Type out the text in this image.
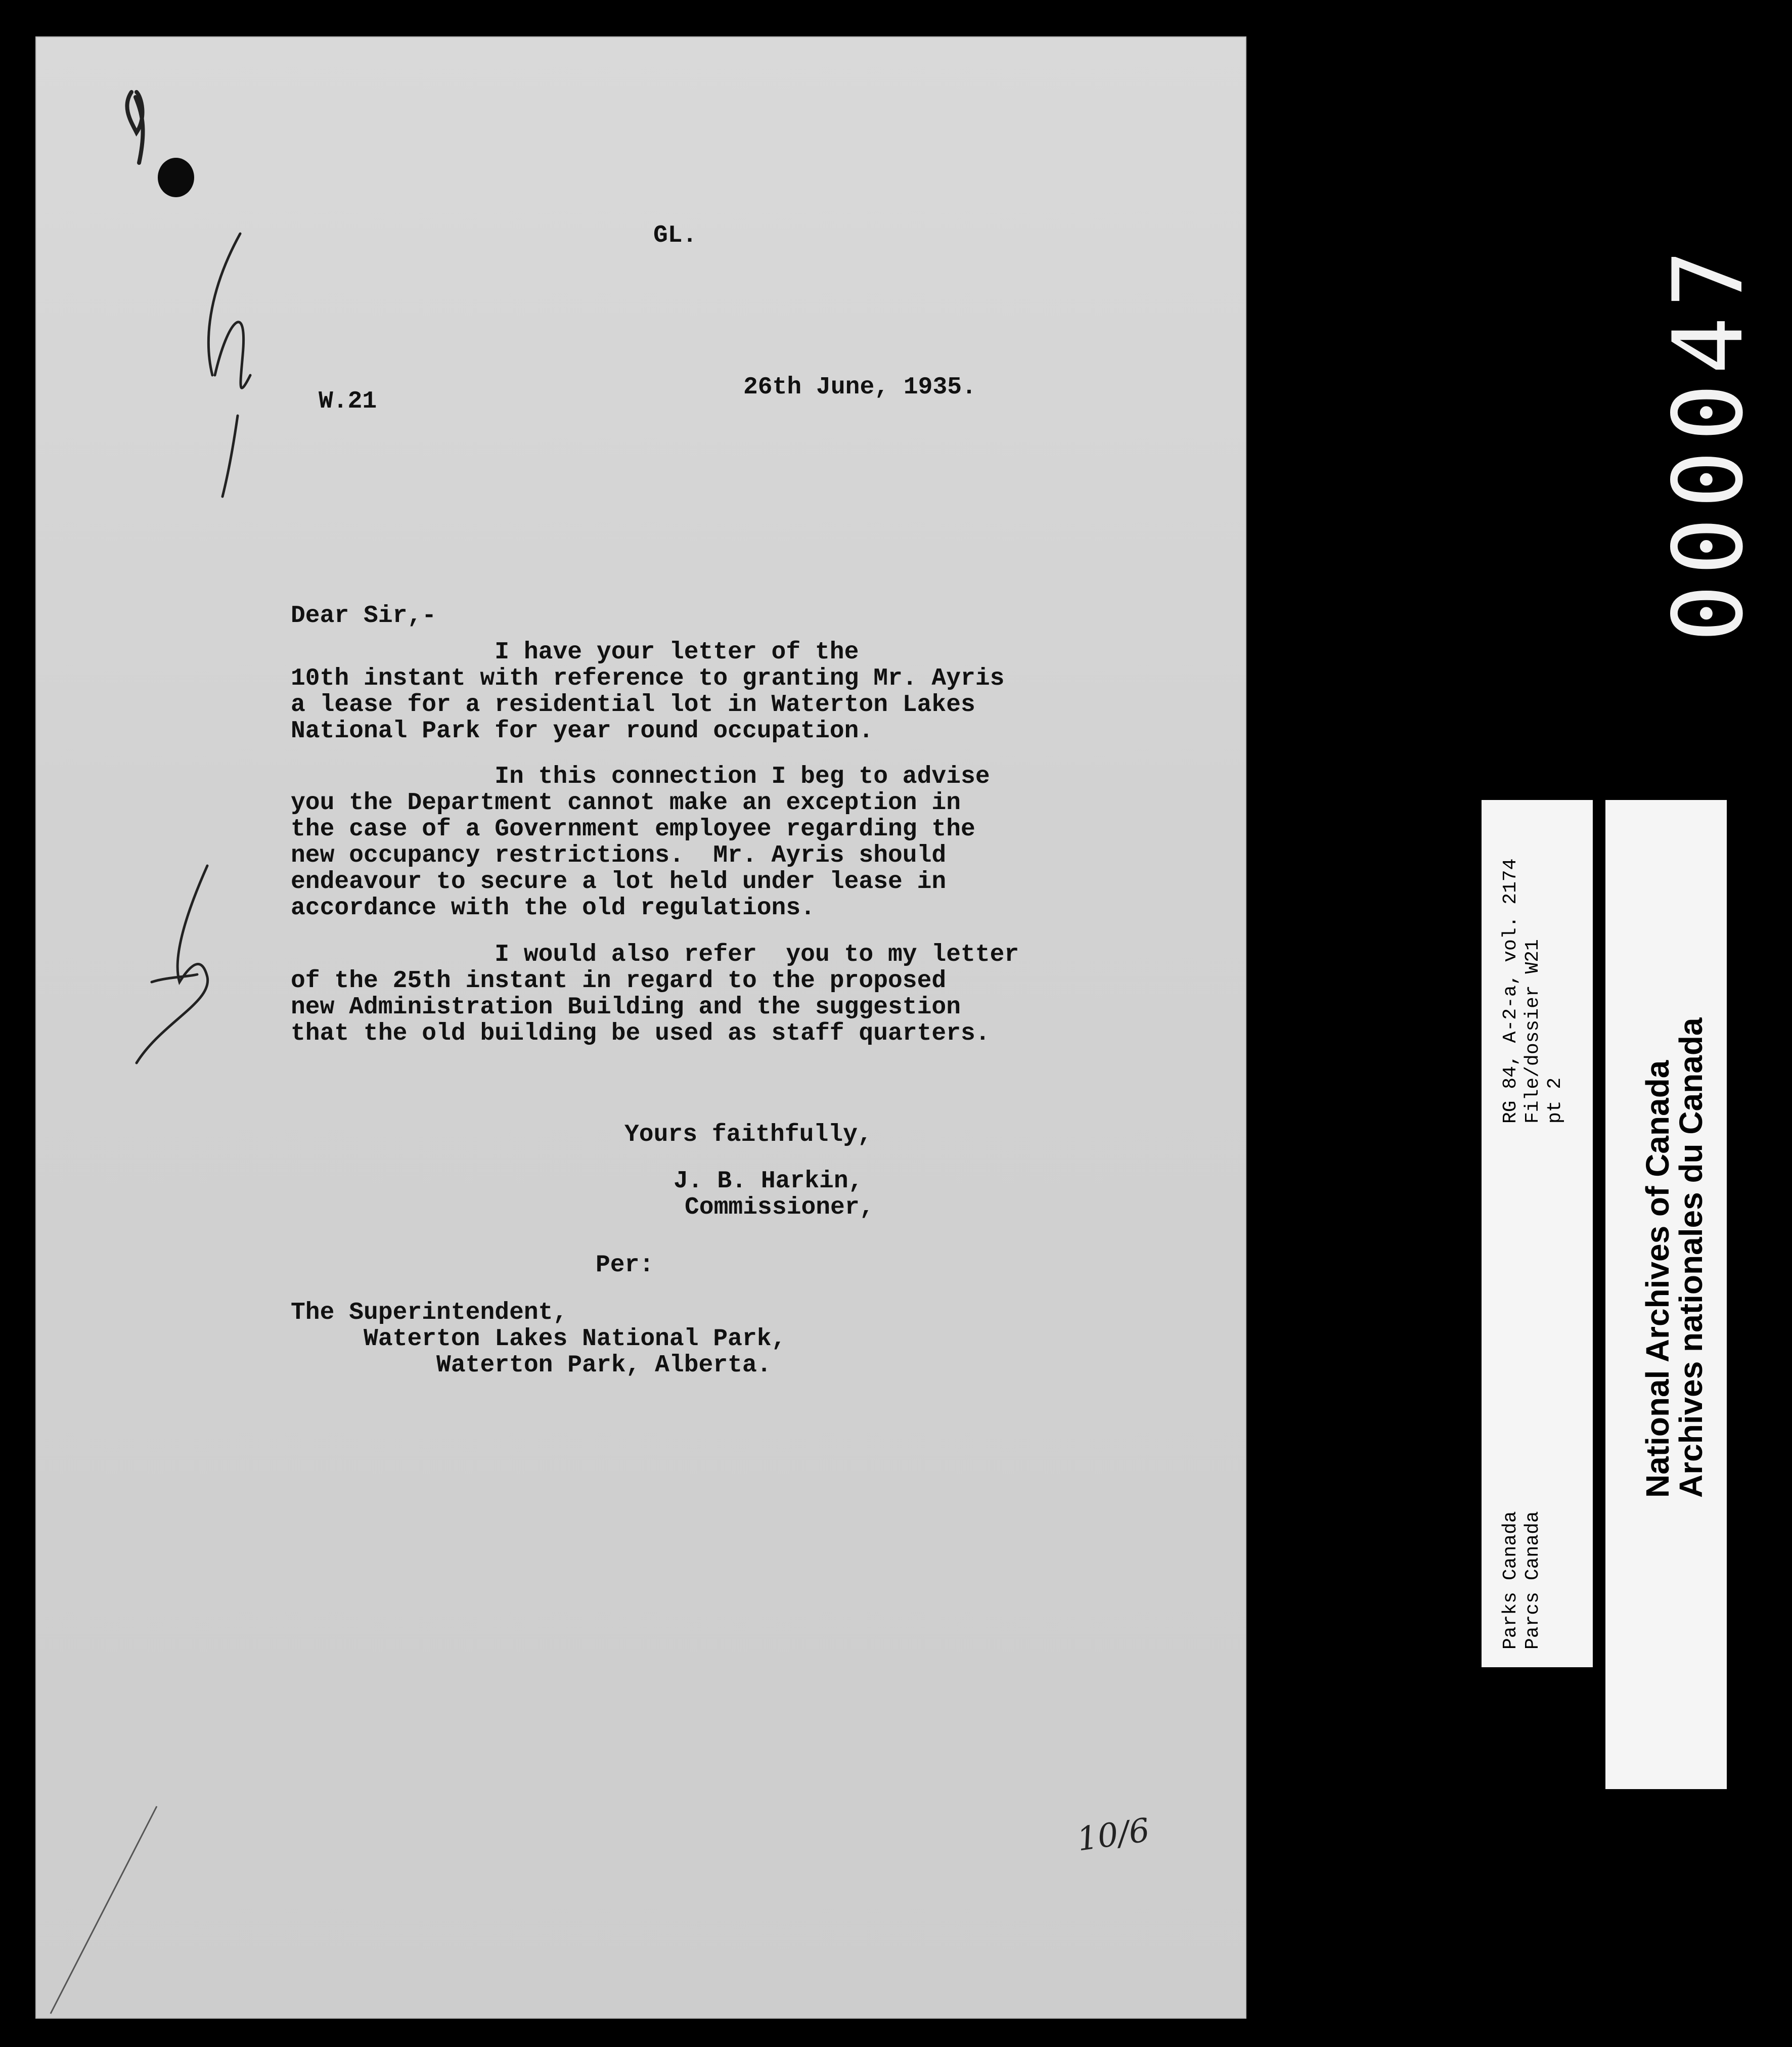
GL.
W.21
26th June, 1935.
Dear Sir,-
I have your letter of the
10th instant with reference to granting Mr. Ayris
a lease for a residential lot in Waterton Lakes
National Park for year round occupation.
In this connection I beg to advise
you the Department cannot make an exception in
the case of a Government employee regarding the
new occupancy restrictions.  Mr. Ayris should
endeavour to secure a lot held under lease in
accordance with the old regulations.
I would also refer  you to my letter
of the 25th instant in regard to the proposed
new Administration Building and the suggestion
that the old building be used as staff quarters.
Yours faithfully,
J. B. Harkin,
Commissioner,
Per:
The Superintendent,
Waterton Lakes National Park,
Waterton Park, Alberta.
10/6
000047
RG 84, A-2-a, vol. 2174 File/dossier W21 pt 2
Parks Canada Parcs Canada
National Archives of Canada
Archives nationales du Canada
